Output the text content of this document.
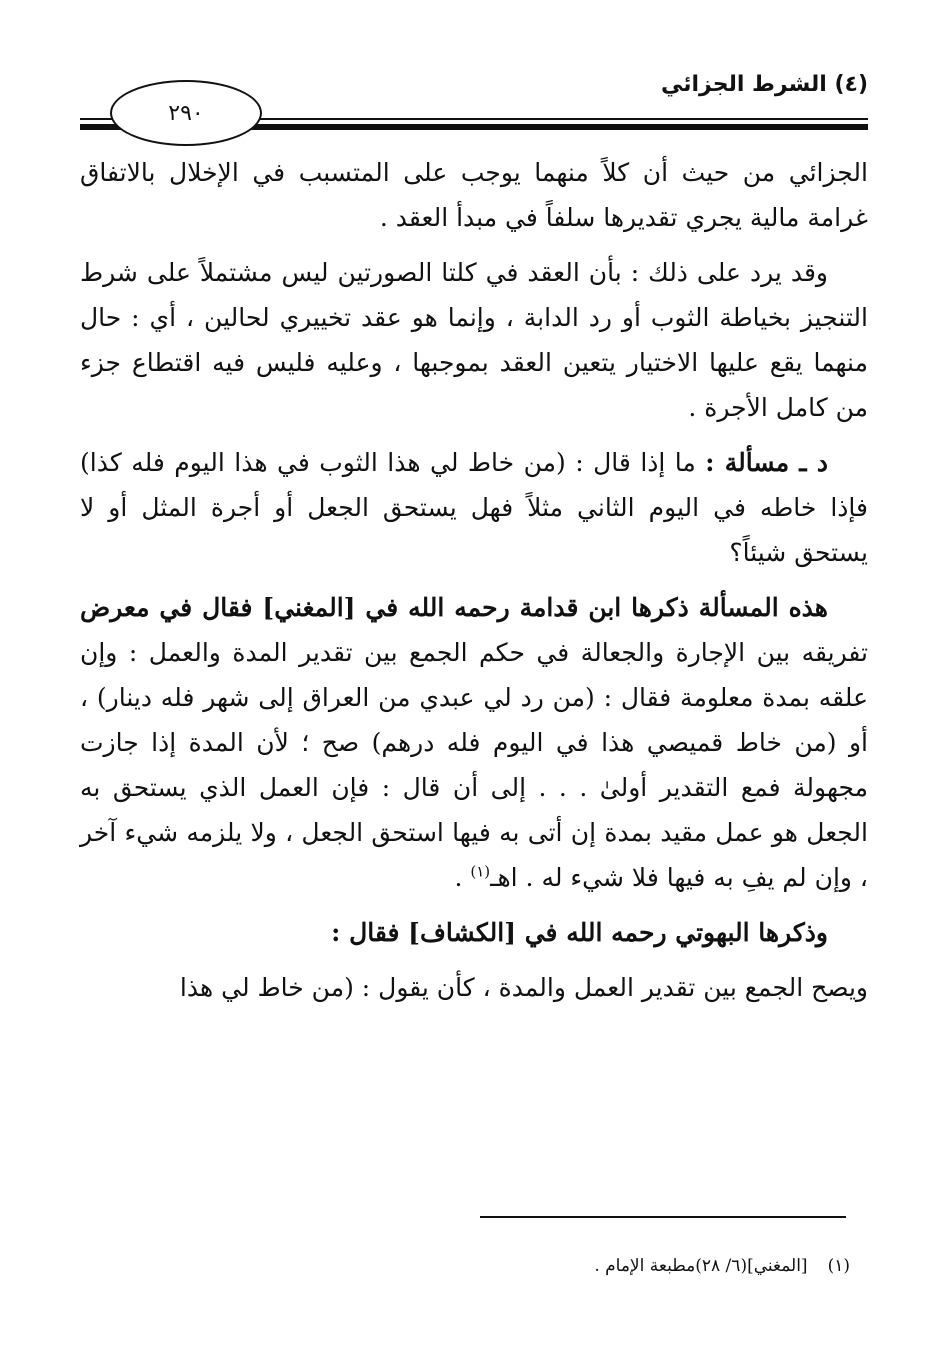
(٤) الشرط الجزائي
٢٩٠

الجزائي من حيث أن كلاً منهما يوجب على المتسبب في الإخلال بالاتفاق غرامة مالية يجري تقديرها سلفاً في مبدأ العقد .

وقد يرد على ذلك : بأن العقد في كلتا الصورتين ليس مشتملاً على شرط التنجيز بخياطة الثوب أو رد الدابة ، وإنما هو عقد تخييري لحالين ، أي : حال منهما يقع عليها الاختيار يتعين العقد بموجبها ، وعليه فليس فيه اقتطاع جزء من كامل الأجرة .

د ـ مسألة : ما إذا قال : (من خاط لي هذا الثوب في هذا اليوم فله كذا) فإذا خاطه في اليوم الثاني مثلاً فهل يستحق الجعل أو أجرة المثل أو لا يستحق شيئاً؟

هذه المسألة ذكرها ابن قدامة رحمه الله في [المغني] فقال في معرض تفريقه بين الإجارة والجعالة في حكم الجمع بين تقدير المدة والعمل : وإن علقه بمدة معلومة فقال : (من رد لي عبدي من العراق إلى شهر فله دينار) ، أو (من خاط قميصي هذا في اليوم فله درهم) صح ؛ لأن المدة إذا جازت مجهولة فمع التقدير أولىٰ . . . إلى أن قال : فإن العمل الذي يستحق به الجعل هو عمل مقيد بمدة إن أتى به فيها استحق الجعل ، ولا يلزمه شيء آخر ، وإن لم يفِ به فيها فلا شيء له . اهـ$^{(١)}$ .

وذكرها البهوتي رحمه الله في [الكشاف] فقال :

ويصح الجمع بين تقدير العمل والمدة ، كأن يقول : (من خاط لي هذا

(١)[المغني](٦/ ٢٨)مطبعة الإمام .
